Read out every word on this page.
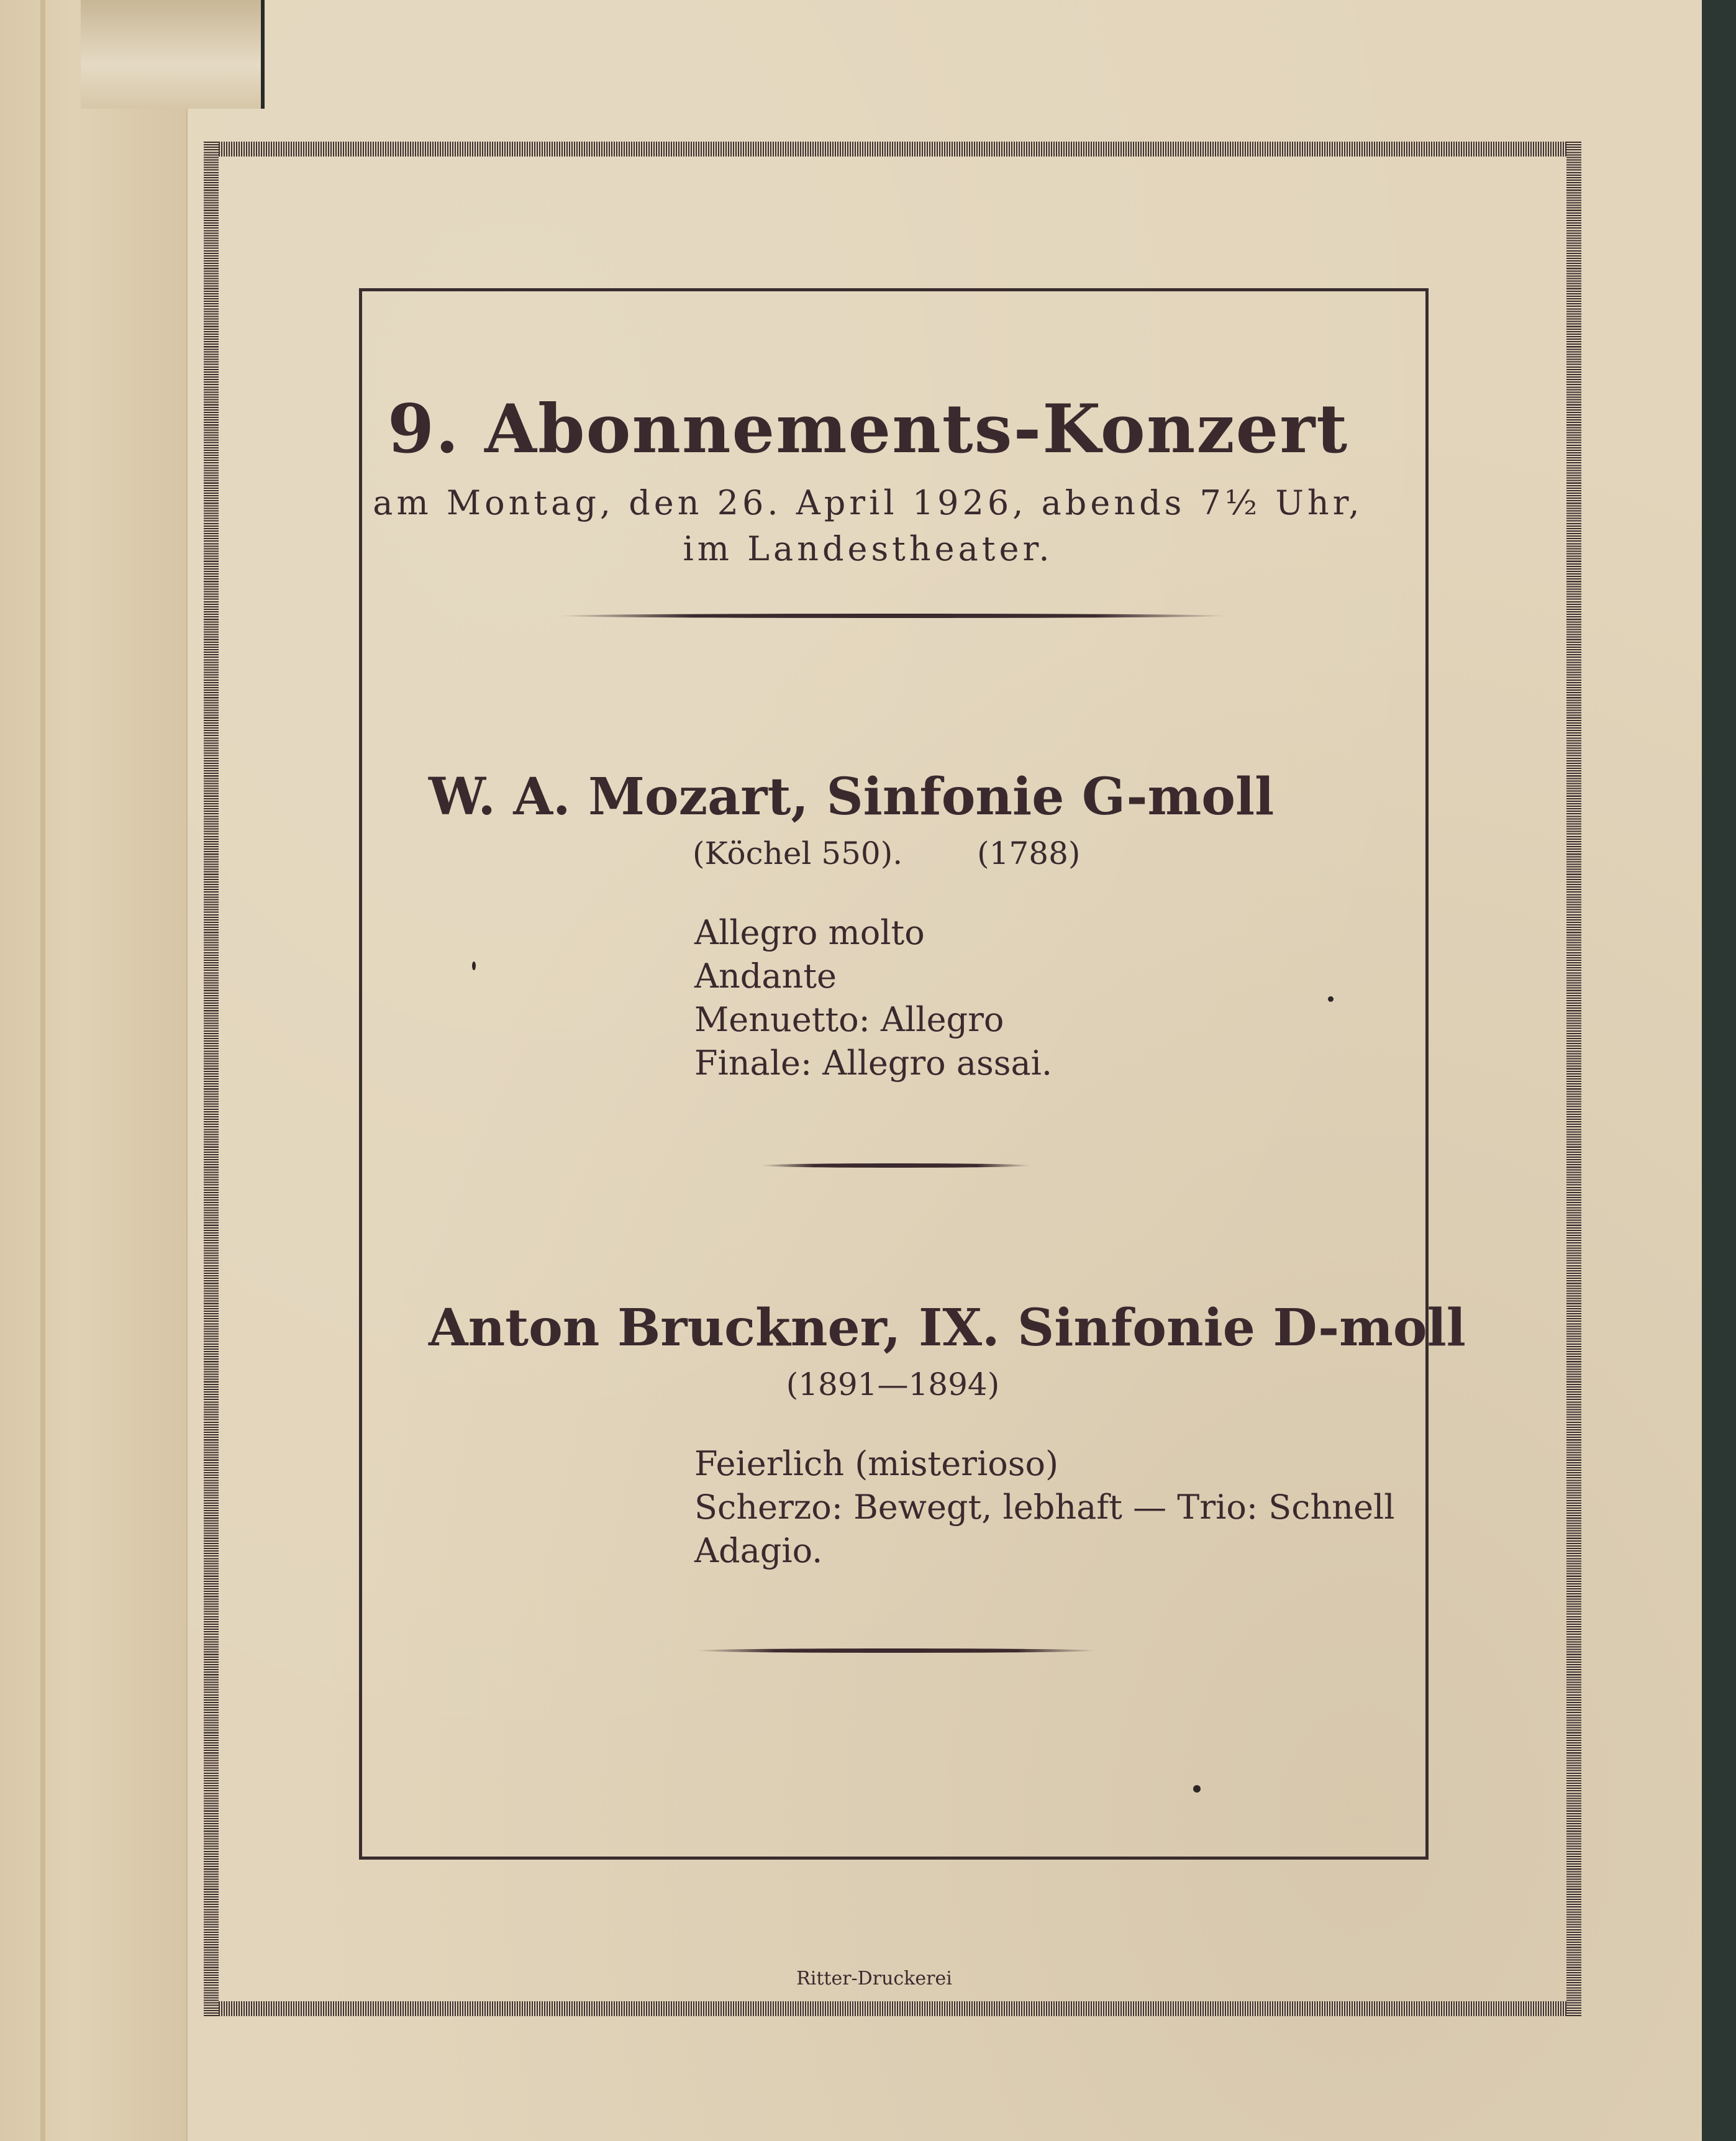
9. Abonnements-Konzert
am Montag, den 26. April 1926, abends 7½ Uhr,
im Landestheater.
W. A. Mozart, Sinfonie G-moll
(Köchel 550). (1788)
Allegro molto
Andante
Menuetto: Allegro
Finale: Allegro assai.
Anton Bruckner, IX. Sinfonie D-moll
(1891—1894)
Feierlich (misterioso)
Scherzo: Bewegt, lebhaft — Trio: Schnell
Adagio.
Ritter-Druckerei
